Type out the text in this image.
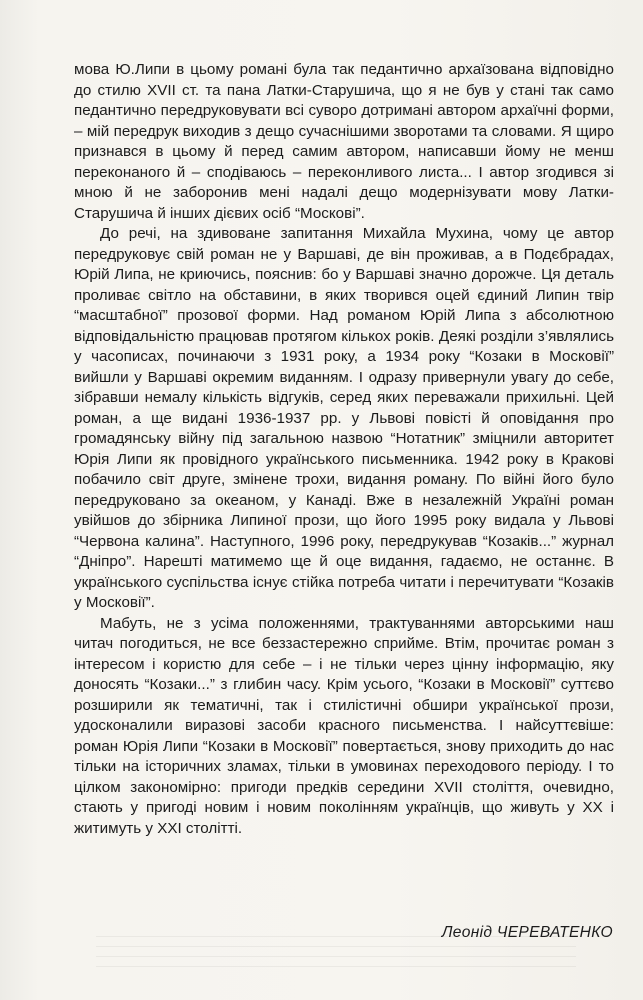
мова Ю.Липи в цьому романі була так педантично архаїзована відповідно до стилю XVII ст. та пана Латки-Старушича, що я не був у стані так само педантично передруковувати всі суворо дотримані автором архаїчні форми, – мій передрук виходив з дещо сучаснішими зворотами та словами. Я щиро признався в цьому й перед самим автором, написавши йому не менш переконаного й – сподіваюсь – переконливого листа... І автор згодився зі мною й не заборонив мені надалі дещо модернізувати мову Латки-Старушича й інших дієвих осіб “Москові”.

До речі, на здивоване запитання Михайла Мухина, чому це автор передруковує свій роман не у Варшаві, де він проживав, а в Подєбрадах, Юрій Липа, не криючись, пояснив: бо у Варшаві значно дорожче. Ця деталь проливає світло на обставини, в яких творився оцей єдиний Липин твір “масштабної” прозової форми. Над романом Юрій Липа з абсолютною відповідальністю працював протягом кількох років. Деякі розділи з’являлись у часописах, починаючи з 1931 року, а 1934 року “Козаки в Московії” вийшли у Варшаві окремим виданням. І одразу привернули увагу до себе, зібравши немалу кількість відгуків, серед яких переважали прихильні. Цей роман, а ще видані 1936-1937 рр. у Львові повісті й оповідання про громадянську війну під загальною назвою “Нотатник” зміцнили авторитет Юрія Липи як провідного українського письменника. 1942 року в Кракові побачило світ друге, змінене трохи, видання роману. По війні його було передруковано за океаном, у Канаді. Вже в незалежній Україні роман увійшов до збірника Липиної прози, що його 1995 року видала у Львові “Червона калина”. Наступного, 1996 року, передрукував “Козаків...” журнал “Дніпро”. Нарешті матимемо ще й оце видання, гадаємо, не останнє. В українського суспільства існує стійка потреба читати і перечитувати “Козаків у Московії”.

Мабуть, не з усіма положеннями, трактуваннями авторськими наш читач погодиться, не все беззастережно сприйме. Втім, прочитає роман з інтересом і користю для себе – і не тільки через цінну інформацію, яку доносять “Козаки...” з глибин часу. Крім усього, “Козаки в Московії” суттєво розширили як тематичні, так і стилістичні обшири української прози, удосконалили виразові засоби красного письменства. І найсуттєвіше: роман Юрія Липи “Козаки в Московії” повертається, знову приходить до нас тільки на історичних зламах, тільки в умовинах переходового періоду. І то цілком закономірно: пригоди предків середини XVII століття, очевидно, стають у пригоді новим і новим поколінням українців, що живуть у XX і житимуть у XXI столітті.

Леонід ЧЕРЕВАТЕНКО
